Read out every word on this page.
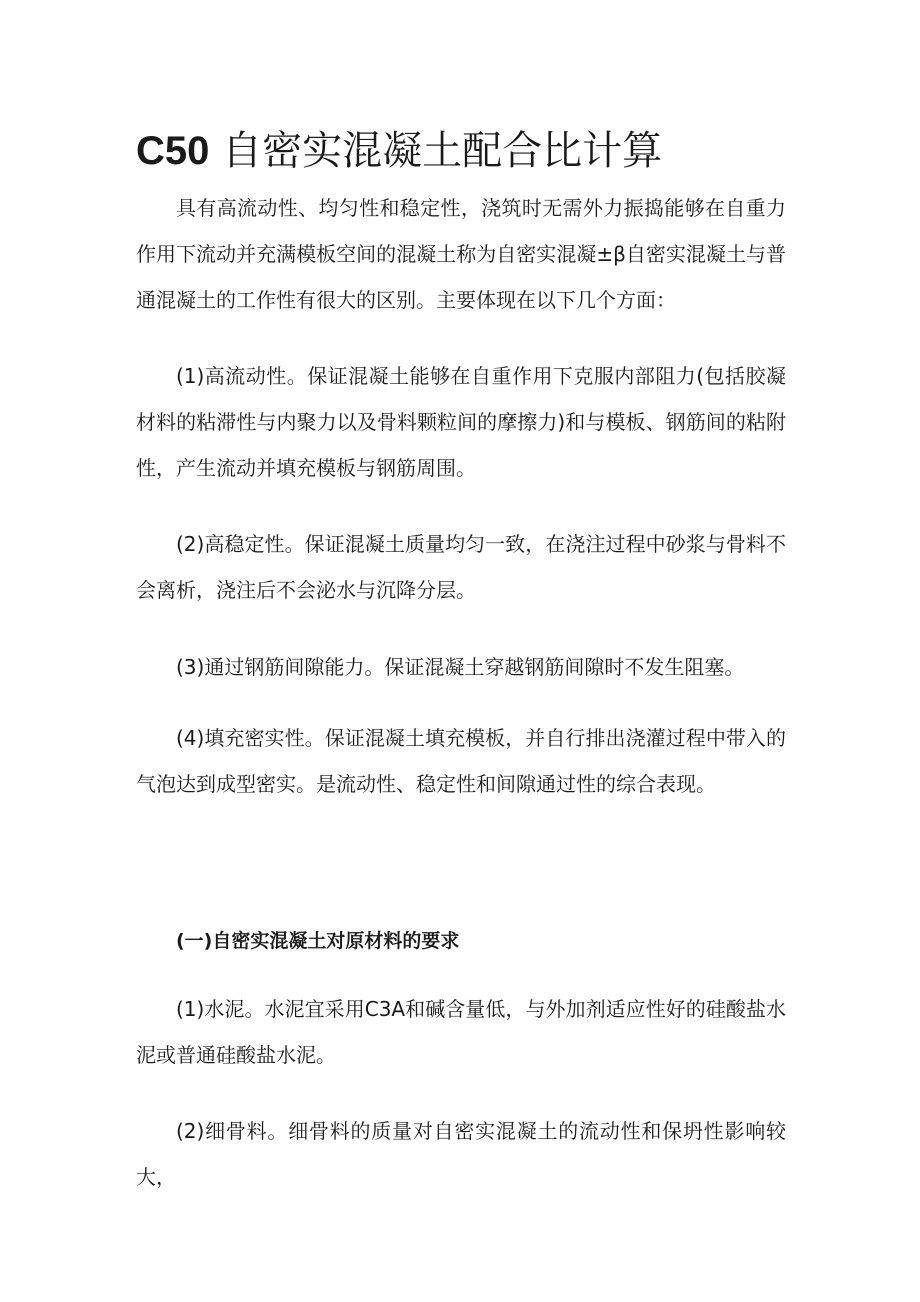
C50 自密实混凝土配合比计算

具有高流动性、均匀性和稳定性，浇筑时无需外力振捣能够在自重力作用下流动并充满模板空间的混凝土称为自密实混凝±β自密实混凝土与普通混凝土的工作性有很大的区别。主要体现在以下几个方面：

(1)高流动性。保证混凝土能够在自重作用下克服内部阻力(包括胶凝材料的粘滞性与内聚力以及骨料颗粒间的摩擦力)和与模板、钢筋间的粘附性，产生流动并填充模板与钢筋周围。

(2)高稳定性。保证混凝土质量均匀一致，在浇注过程中砂浆与骨料不会离析，浇注后不会泌水与沉降分层。

(3)通过钢筋间隙能力。保证混凝土穿越钢筋间隙时不发生阻塞。

(4)填充密实性。保证混凝土填充模板，并自行排出浇灌过程中带入的气泡达到成型密实。是流动性、稳定性和间隙通过性的综合表现。

(一)自密实混凝土对原材料的要求

(1)水泥。水泥宜采用C3A和碱含量低，与外加剂适应性好的硅酸盐水泥或普通硅酸盐水泥。

(2)细骨料。细骨料的质量对自密实混凝土的流动性和保坍性影响较大，
